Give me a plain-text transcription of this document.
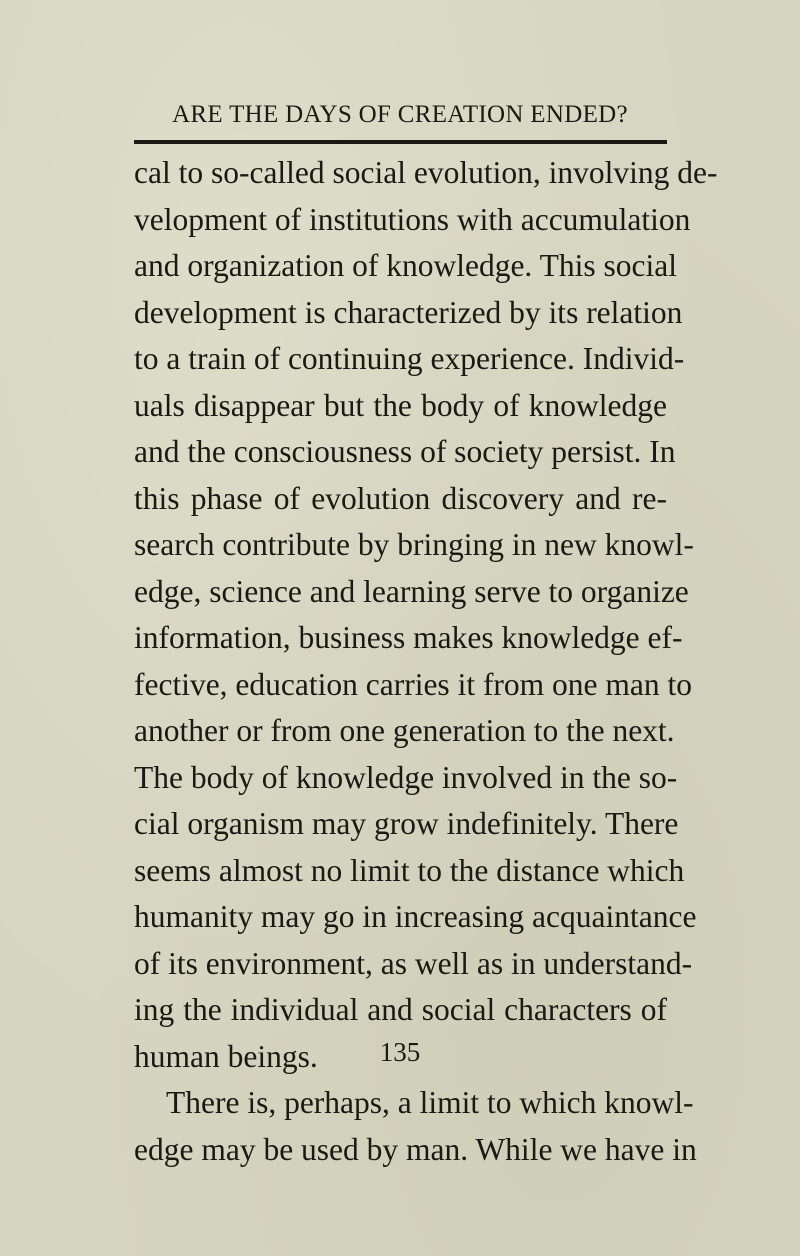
ARE THE DAYS OF CREATION ENDED?
cal to so-called social evolution, involving de-
velopment of institutions with accumulation
and organization of knowledge. This social
development is characterized by its relation
to a train of continuing experience. Individ-
uals disappear but the body of knowledge
and the consciousness of society persist. In
this phase of evolution discovery and re-
search contribute by bringing in new knowl-
edge, science and learning serve to organize
information, business makes knowledge ef-
fective, education carries it from one man to
another or from one generation to the next.
The body of knowledge involved in the so-
cial organism may grow indefinitely. There
seems almost no limit to the distance which
humanity may go in increasing acquaintance
of its environment, as well as in understand-
ing the individual and social characters of
human beings.
There is, perhaps, a limit to which knowl-
edge may be used by man. While we have in
135
